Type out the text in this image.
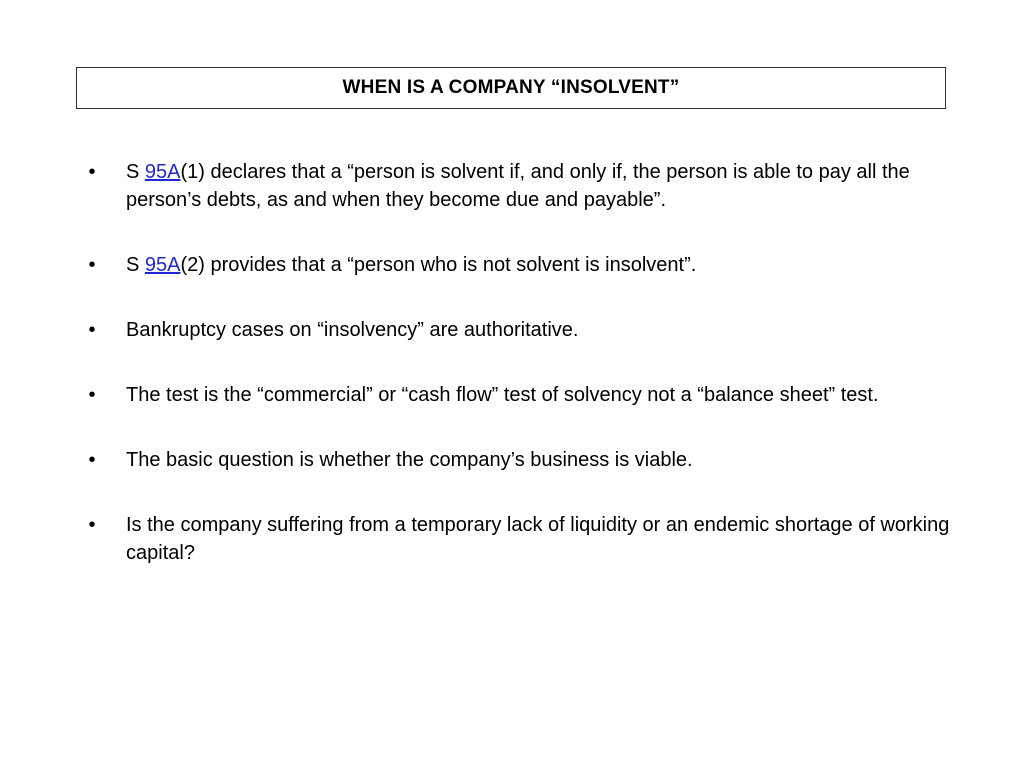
WHEN IS A COMPANY “INSOLVENT”
• S 95A(1) declares that a “person is solvent if, and only if, the person is able to pay all the person’s debts, as and when they become due and payable”.
• S 95A(2) provides that a “person who is not solvent is insolvent”.
• Bankruptcy cases on “insolvency” are authoritative.
• The test is the “commercial” or “cash flow” test of solvency not a “balance sheet” test.
• The basic question is whether the company’s business is viable.
• Is the company suffering from a temporary lack of liquidity or an endemic shortage of working capital?
